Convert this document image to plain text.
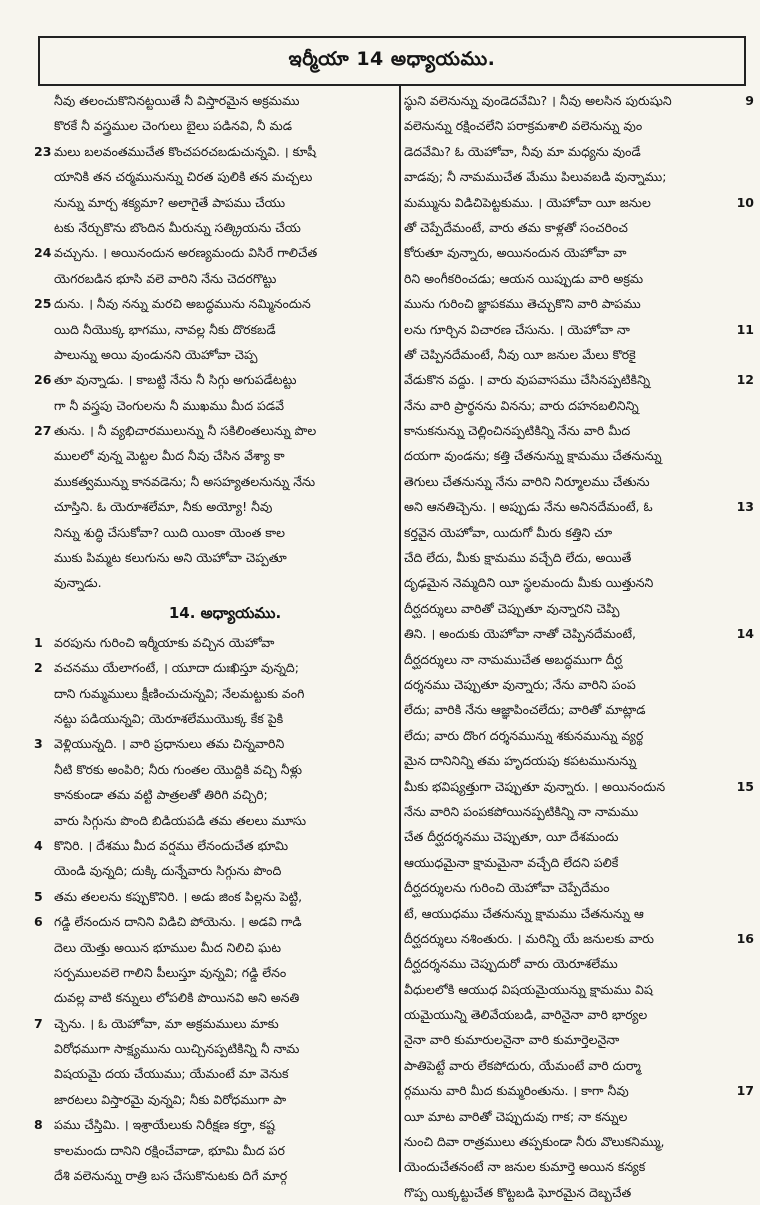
ఇర్మీయా 14 అధ్యాయము.
నీవు తలంచుకొనినట్టయితే నీ విస్తారమైన అక్రమము
కొరకే నీ వస్త్రముల చెంగులు బైలు పడినవి, నీ మడ
23 మలు బలవంతముచేత కొంచపరచబడుచున్నవి. । కూషీ
యానికి తన చర్మమునున్ను చిరత పులికి తన మచ్చలు
నున్ను మార్చ శక్యమా? అలాగైతే పాపము చేయు
టకు నేర్చుకొను బొందిన మీరున్ను సత్క్రియను చేయ
24 వచ్చును. । అయినందున అరణ్యమందు విసిరే గాలిచేత
యెగరబడిన భూసి వలె వారిని నేను చెదరగొట్టు
25 దును. । నీవు నన్ను మరచి అబద్ధమును నమ్మినందున
యిది నీయొక్క భాగము, నావల్ల నీకు దొరకబడే
పాలున్ను అయి వుండునని యెహోవా చెప్ప
26 తూ వున్నాడు. । కాబట్టి నేను నీ సిగ్గు అగుపడేటట్టు
గా నీ వస్త్రపు చెంగులను నీ ముఖము మీద పడవే
27 తును. । నీ వ్యభిచారములున్ను నీ సకిలింతలున్ను పొల
ములలో వున్న మెట్టల మీద నీవు చేసిన వేశ్యా కా
ముకత్వమున్ను కానవడెను; నీ అసహ్యతలనున్ను నేను
చూస్తిని. ఓ యెరూశలేమా, నీకు అయ్యో! నీవు
నిన్ను శుద్ధి చేసుకోవా? యిది యింకా యెంత కాల
ముకు పిమ్మట కలుగును అని యెహోవా చెప్పతూ
వున్నాడు.
14. అధ్యాయము.
1 వరపును గురించి ఇర్మీయాకు వచ్చిన యెహోవా
2 వచనము యేలాగంటే, । యూదా దుఃఖిస్తూ వున్నది;
దాని గుమ్మములు క్షీణించుచున్నవి; నేలమట్టుకు వంగి
నట్టు పడియున్నవి; యెరూశలేముయొక్క కేక పైకి
3 వెళ్లియున్నది. । వారి ప్రధానులు తమ చిన్నవారిని
నీటి కొరకు అంపిరి; నీరు గుంతల యొద్దికి వచ్చి నీళ్లు
కానకుండా తమ వట్టి పాత్రలతో తిరిగి వచ్చిరి;
వారు సిగ్గును పొంది బిడియపడి తమ తలలు మూసు
4 కొనిరి. । దేశము మీద వర్షము లేనందుచేత భూమి
యెండి వున్నది; దుక్కి దున్నేవారు సిగ్గును పొంది
5 తమ తలలను కప్పుకొనిరి. । అడు జింక పిల్లను పెట్టి,
6 గడ్డి లేనందున దానిని విడిచి పోయెను. । అడవి గాడి
దెలు యెత్తు అయిన భూముల మీద నిలిచి ఘట
సర్పములవలె గాలిని పీలుస్తూ వున్నవి; గడ్డి లేనం
దువల్ల వాటి కన్నులు లోపలికి పొయినవి అని అనతి
7 చ్చెను. । ఓ యెహోవా, మా అక్రమములు మాకు
విరోధముగా సాక్ష్యమును యిచ్చినప్పటికిన్ని నీ నామ
విషయమై దయ చేయుము; యేమంటే మా వెనుక
జారటలు విస్తారమై వున్నవి; నీకు విరోధముగా పా
8 పము చేస్తిమి. । ఇశ్రాయేలుకు నిరీక్షణ కర్తా, కష్ట
కాలమందు దానిని రక్షించేవాడా, భూమి మీద పర
దేశి వలెనున్ను రాత్రి బస చేసుకొనుటకు దిగే మార్గ
9
స్థుని వలెనున్ను వుండెదవేమి? । నీవు అలసిన పురుషుని
వలెనున్ను రక్షించలేని పరాక్రమశాలి వలెనున్ను వుం
డెదవేమి? ఓ యెహోవా, నీవు మా మధ్యను వుండే
వాడవు; నీ నామముచేత మేము పిలువబడి వున్నాము;
10
మమ్మును విడిచిపెట్టకుము. । యెహోవా యీ జనుల
తో చెప్పేదేమంటే, వారు తమ కాళ్లతో సంచరించ
కోరుతూ వున్నారు, అయినందున యెహోవా వా
రిని అంగీకరించడు; ఆయన యిప్పుడు వారి అక్రమ
మును గురించి జ్ఞాపకము తెచ్చుకొని వారి పాపము
11
లను గూర్చిన విచారణ చేసును. । యెహోవా నా
తో చెప్పినదేమంటే, నీవు యీ జనుల మేలు కొరకై
12
వేడుకొన వద్దు. । వారు వుపవాసము చేసినప్పటికిన్ని
నేను వారి ప్రార్థనను వినను; వారు దహనబలినిన్ని
కానుకనున్ను చెల్లించినప్పటికిన్ని నేను వారి మీద
దయగా వుండను; కత్తి చేతనున్ను క్షామము చేతనున్ను
తెగులు చేతనున్ను నేను వారిని నిర్మూలము చేతును
13
అని ఆనతిచ్చెను. । అప్పుడు నేను అనినదేమంటే, ఓ
కర్తవైన యెహోవా, యిదుగో మీరు కత్తిని చూ
చేది లేదు, మీకు క్షామము వచ్చేది లేదు, అయితే
దృఢమైన నెమ్మదిని యీ స్థలమందు మీకు యిత్తునని
దీర్ఘదర్శులు వారితో చెప్పుతూ వున్నారని చెప్పి
14
తిని. । అందుకు యెహోవా నాతో చెప్పినదేమంటే,
దీర్ఘదర్శులు నా నామముచేత అబద్ధముగా దీర్ఘ
దర్శనము చెప్పుతూ వున్నారు; నేను వారిని పంప
లేదు; వారికి నేను ఆజ్ఞాపించలేదు; వారితో మాట్లాడ
లేదు; వారు దొంగ దర్శనమున్ను శకునమున్ను వ్యర్థ
మైన దానినిన్ని తమ హృదయపు కపటమునున్ను
15
మీకు భవిష్యత్తుగా చెప్పుతూ వున్నారు. । అయినందున
నేను వారిని పంపకపోయినప్పటికిన్ని నా నామము
చేత దీర్ఘదర్శనము చెప్పుతూ, యీ దేశమందు
ఆయుధమైనా క్షామమైనా వచ్చేది లేదని పలికే
దీర్ఘదర్శులను గురించి యెహోవా చెప్పేదేమం
టే, ఆయుధము చేతనున్ను క్షామము చేతనున్ను ఆ
16
దీర్ఘదర్శులు నశింతురు. । మరిన్ని యే జనులకు వారు
దీర్ఘదర్శనము చెప్పుదురో వారు యెరూశలేము
వీధులలోకి ఆయుధ విషయమైయున్ను క్షామము విష
యమైయున్ని తెలివేయబడి, వారినైనా వారి భార్యల
నైనా వారి కుమారులనైనా వారి కుమార్తెలనైనా
పాతిపెట్టే వారు లేకపోదురు, యేమంటే వారి దుర్మా
17
ర్గమును వారి మీద కుమ్మరింతును. । కాగా నీవు
యీ మాట వారితో చెప్పుదువు గాక; నా కన్నుల
నుంచి దివా రాత్రములు తప్పకుండా నీరు వొలుకనిమ్ము,
యెందుచేతనంటే నా జనుల కుమార్తె అయిన కన్యక
గొప్ప యిక్కట్టుచేత కొట్టబడి ఘోరమైన దెబ్బచేత
